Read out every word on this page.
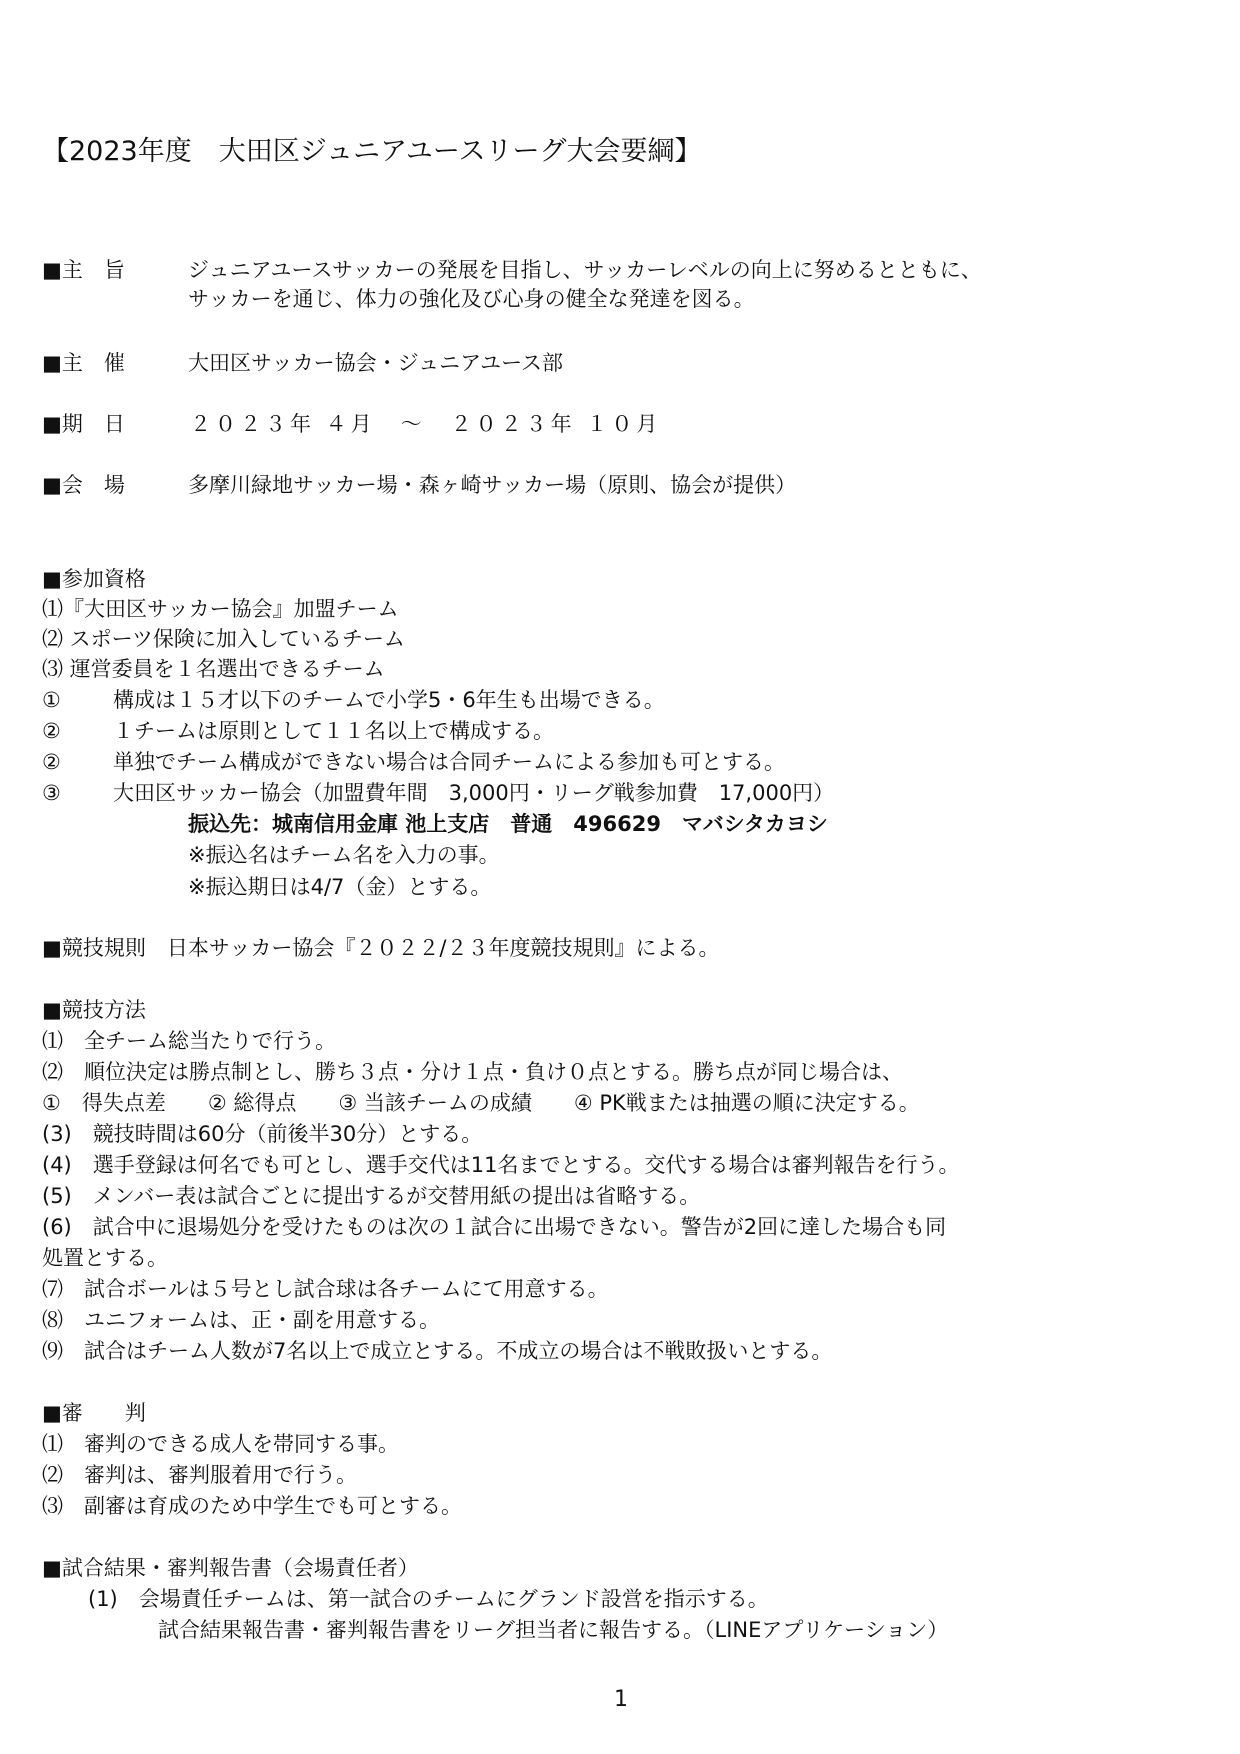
【2023年度　大田区ジュニアユースリーグ大会要綱】
■主　旨	ジュニアユースサッカーの発展を目指し、サッカーレベルの向上に努めるとともに、
サッカーを通じ、体力の強化及び心身の健全な発達を図る。
■主　催	大田区サッカー協会・ジュニアユース部
■期　日	２０２３年 ４月　～　２０２３年 １０月
■会　場	多摩川緑地サッカー場・森ヶ崎サッカー場（原則、協会が提供）
■参加資格
⑴『大田区サッカー協会』加盟チーム
⑵ スポーツ保険に加入しているチーム
⑶ 運営委員を１名選出できるチーム
① 構成は１５才以下のチームで小学5・6年生も出場できる。
② １チームは原則として１１名以上で構成する。
② 単独でチーム構成ができない場合は合同チームによる参加も可とする。
③ 大田区サッカー協会（加盟費年間　3,000円・リーグ戦参加費　17,000円）
振込先：城南信用金庫 池上支店　普通　496629　マバシタカヨシ
※振込名はチーム名を入力の事。
※振込期日は4/7（金）とする。
■競技規則　日本サッカー協会『２０２２/２３年度競技規則』による。
■競技方法
⑴　全チーム総当たりで行う。
⑵　順位決定は勝点制とし、勝ち３点・分け１点・負け０点とする。勝ち点が同じ場合は、
①　得失点差　　② 総得点　　③ 当該チームの成績　　④ PK戦または抽選の順に決定する。
(3)　競技時間は60分（前後半30分）とする。
(4)　選手登録は何名でも可とし、選手交代は11名までとする。交代する場合は審判報告を行う。
(5)　メンバー表は試合ごとに提出するが交替用紙の提出は省略する。
(6)　試合中に退場処分を受けたものは次の１試合に出場できない。警告が2回に達した場合も同
処置とする。
⑺　試合ボールは５号とし試合球は各チームにて用意する。
⑻　ユニフォームは、正・副を用意する。
⑼　試合はチーム人数が7名以上で成立とする。不成立の場合は不戦敗扱いとする。
■審　　判
⑴　審判のできる成人を帯同する事。
⑵　審判は、審判服着用で行う。
⑶　副審は育成のため中学生でも可とする。
■試合結果・審判報告書（会場責任者）
(1)　会場責任チームは、第一試合のチームにグランド設営を指示する。
試合結果報告書・審判報告書をリーグ担当者に報告する。（LINEアプリケーション）
1
